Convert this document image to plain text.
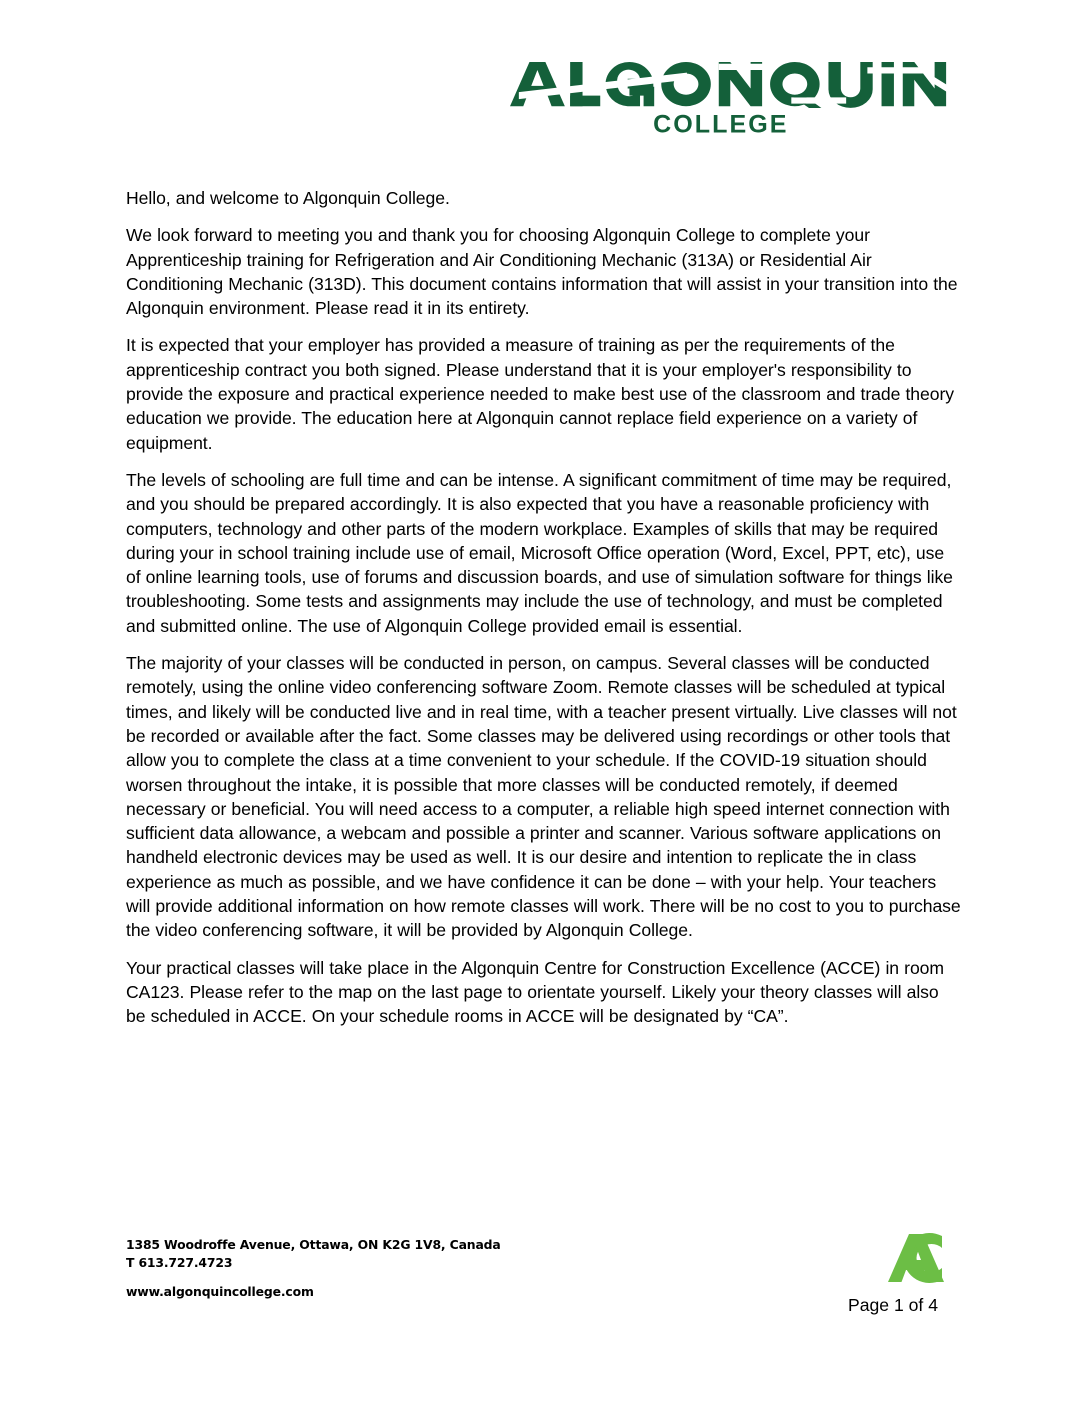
COLLEGE

Hello, and welcome to Algonquin College.

We look forward to meeting you and thank you for choosing Algonquin College to complete your Apprenticeship training for Refrigeration and Air Conditioning Mechanic (313A) or Residential Air Conditioning Mechanic (313D). This document contains information that will assist in your transition into the Algonquin environment. Please read it in its entirety.

It is expected that your employer has provided a measure of training as per the requirements of the apprenticeship contract you both signed. Please understand that it is your employer's responsibility to provide the exposure and practical experience needed to make best use of the classroom and trade theory education we provide. The education here at Algonquin cannot replace field experience on a variety of equipment.

The levels of schooling are full time and can be intense. A significant commitment of time may be required, and you should be prepared accordingly. It is also expected that you have a reasonable proficiency with computers, technology and other parts of the modern workplace. Examples of skills that may be required during your in school training include use of email, Microsoft Office operation (Word, Excel, PPT, etc), use of online learning tools, use of forums and discussion boards, and use of simulation software for things like troubleshooting. Some tests and assignments may include the use of technology, and must be completed and submitted online. The use of Algonquin College provided email is essential.

The majority of your classes will be conducted in person, on campus. Several classes will be conducted remotely, using the online video conferencing software Zoom. Remote classes will be scheduled at typical times, and likely will be conducted live and in real time, with a teacher present virtually. Live classes will not be recorded or available after the fact. Some classes may be delivered using recordings or other tools that allow you to complete the class at a time convenient to your schedule. If the COVID-19 situation should worsen throughout the intake, it is possible that more classes will be conducted remotely, if deemed necessary or beneficial. You will need access to a computer, a reliable high speed internet connection with sufficient data allowance, a webcam and possible a printer and scanner. Various software applications on handheld electronic devices may be used as well. It is our desire and intention to replicate the in class experience as much as possible, and we have confidence it can be done – with your help. Your teachers will provide additional information on how remote classes will work. There will be no cost to you to purchase the video conferencing software, it will be provided by Algonquin College.

Your practical classes will take place in the Algonquin Centre for Construction Excellence (ACCE) in room CA123. Please refer to the map on the last page to orientate yourself. Likely your theory classes will also be scheduled in ACCE. On your schedule rooms in ACCE will be designated by “CA”.

1385 Woodroffe Avenue, Ottawa, ON K2G 1V8, Canada
T 613.727.4723
www.algonquincollege.com
Page 1 of 4
